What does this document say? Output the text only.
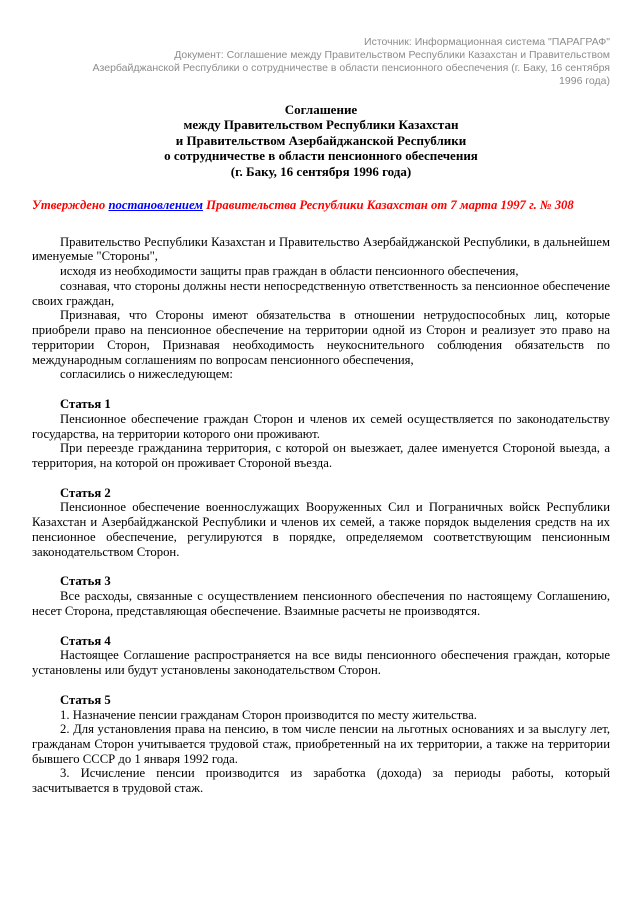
Источник: Информационная система "ПАРАГРАФ"

Документ: Соглашение между Правительством Республики Казахстан и Правительством Азербайджанской Республики о сотрудничестве в области пенсионного обеспечения (г. Баку, 16 сентября 1996 года)

Соглашение
между Правительством Республики Казахстан
и Правительством Азербайджанской Республики
о сотрудничестве в области пенсионного обеспечения
(г. Баку, 16 сентября 1996 года)
Утверждено постановлением Правительства Республики Казахстан от 7 марта 1997 г. № 308

Правительство Республики Казахстан и Правительство Азербайджанской Республики, в дальнейшем именуемые "Стороны",

исходя из необходимости защиты прав граждан в области пенсионного обеспечения,

сознавая, что стороны должны нести непосредственную ответственность за пенсионное обеспечение своих граждан,

Признавая, что Стороны имеют обязательства в отношении нетрудоспособных лиц, которые приобрели право на пенсионное обеспечение на территории одной из Сторон и реализует это право на территории Сторон, Признавая необходимость неукоснительного соблюдения обязательств по международным соглашениям по вопросам пенсионного обеспечения,

согласились о нижеследующем:

Статья 1

Пенсионное обеспечение граждан Сторон и членов их семей осуществляется по законодательству государства, на территории которого они проживают.

При переезде гражданина территория, с которой он выезжает, далее именуется Стороной выезда, а территория, на которой он проживает Стороной въезда.

Статья 2

Пенсионное обеспечение военнослужащих Вооруженных Сил и Пограничных войск Республики Казахстан и Азербайджанской Республики и членов их семей, а также порядок выделения средств на их пенсионное обеспечение, регулируются в порядке, определяемом соответствующим пенсионным законодательством Сторон.

Статья 3

Все расходы, связанные с осуществлением пенсионного обеспечения по настоящему Соглашению, несет Сторона, представляющая обеспечение. Взаимные расчеты не производятся.

Статья 4

Настоящее Соглашение распространяется на все виды пенсионного обеспечения граждан, которые установлены или будут установлены законодательством Сторон.

Статья 5

1. Назначение пенсии гражданам Сторон производится по месту жительства.

2. Для установления права на пенсию, в том числе пенсии на льготных основаниях и за выслугу лет, гражданам Сторон учитывается трудовой стаж, приобретенный на их территории, а также на территории бывшего СССР до 1 января 1992 года.

3. Исчисление пенсии производится из заработка (дохода) за периоды работы, который засчитывается в трудовой стаж.
